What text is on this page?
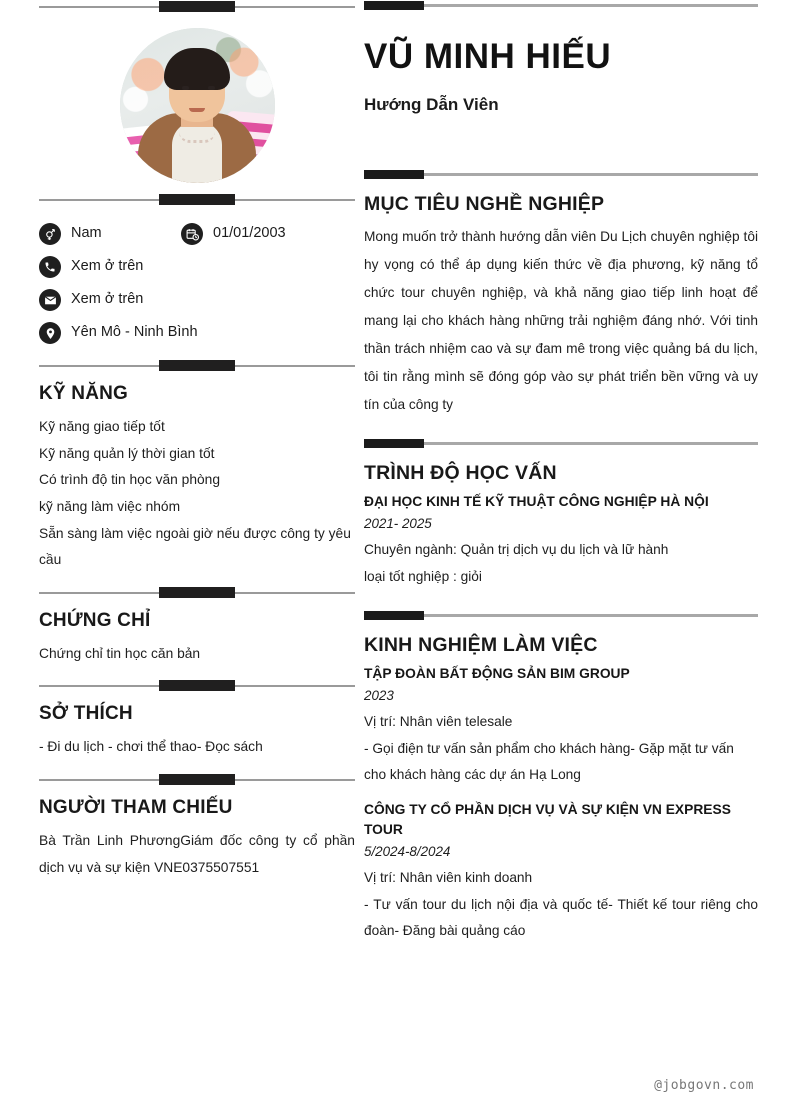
Nam	01/01/2003
Xem ở trên
Xem ở trên
Yên Mô - Ninh Bình
KỸ NĂNG
Kỹ năng giao tiếp tốt
Kỹ năng quản lý thời gian tốt
Có trình độ tin học văn phòng
kỹ năng làm việc nhóm
Sẵn sàng làm việc ngoài giờ nếu được công ty yêu cầu
CHỨNG CHỈ
Chứng chỉ tin học căn bản
SỞ THÍCH
- Đi du lịch - chơi thể thao- Đọc sách
NGƯỜI THAM CHIẾU
Bà Trần Linh PhươngGiám đốc công ty cổ phần dịch vụ và sự kiện VNE0375507551
VŨ MINH HIẾU
Hướng Dẫn Viên
MỤC TIÊU NGHỀ NGHIỆP

Mong muốn trở thành hướng dẫn viên Du Lịch chuyên nghiệp tôi hy vọng có thể áp dụng kiến thức về địa phương, kỹ năng tổ chức tour chuyên nghiệp, và khả năng giao tiếp linh hoạt để mang lại cho khách hàng những trải nghiệm đáng nhớ. Với tinh thần trách nhiệm cao và sự đam mê trong việc quảng bá du lịch, tôi tin rằng mình sẽ đóng góp vào sự phát triển bền vững và uy tín của công ty

TRÌNH ĐỘ HỌC VẤN
ĐẠI HỌC KINH TẾ KỸ THUẬT CÔNG NGHIỆP HÀ NỘI
2021- 2025
Chuyên ngành: Quản trị dịch vụ du lịch và lữ hành
loại tốt nghiệp : giỏi
KINH NGHIỆM LÀM VIỆC
TẬP ĐOÀN BẤT ĐỘNG SẢN BIM GROUP
2023
Vị trí: Nhân viên telesale
- Gọi điện tư vấn sản phẩm cho khách hàng- Gặp mặt tư vấn cho khách hàng các dự án Hạ Long
CÔNG TY CỔ PHẦN DỊCH VỤ VÀ SỰ KIỆN VN EXPRESS TOUR
5/2024-8/2024
Vị trí: Nhân viên kinh doanh
- Tư vấn tour du lịch nội địa và quốc tế- Thiết kế tour riêng cho đoàn- Đăng bài quảng cáo
@jobgovn.com
